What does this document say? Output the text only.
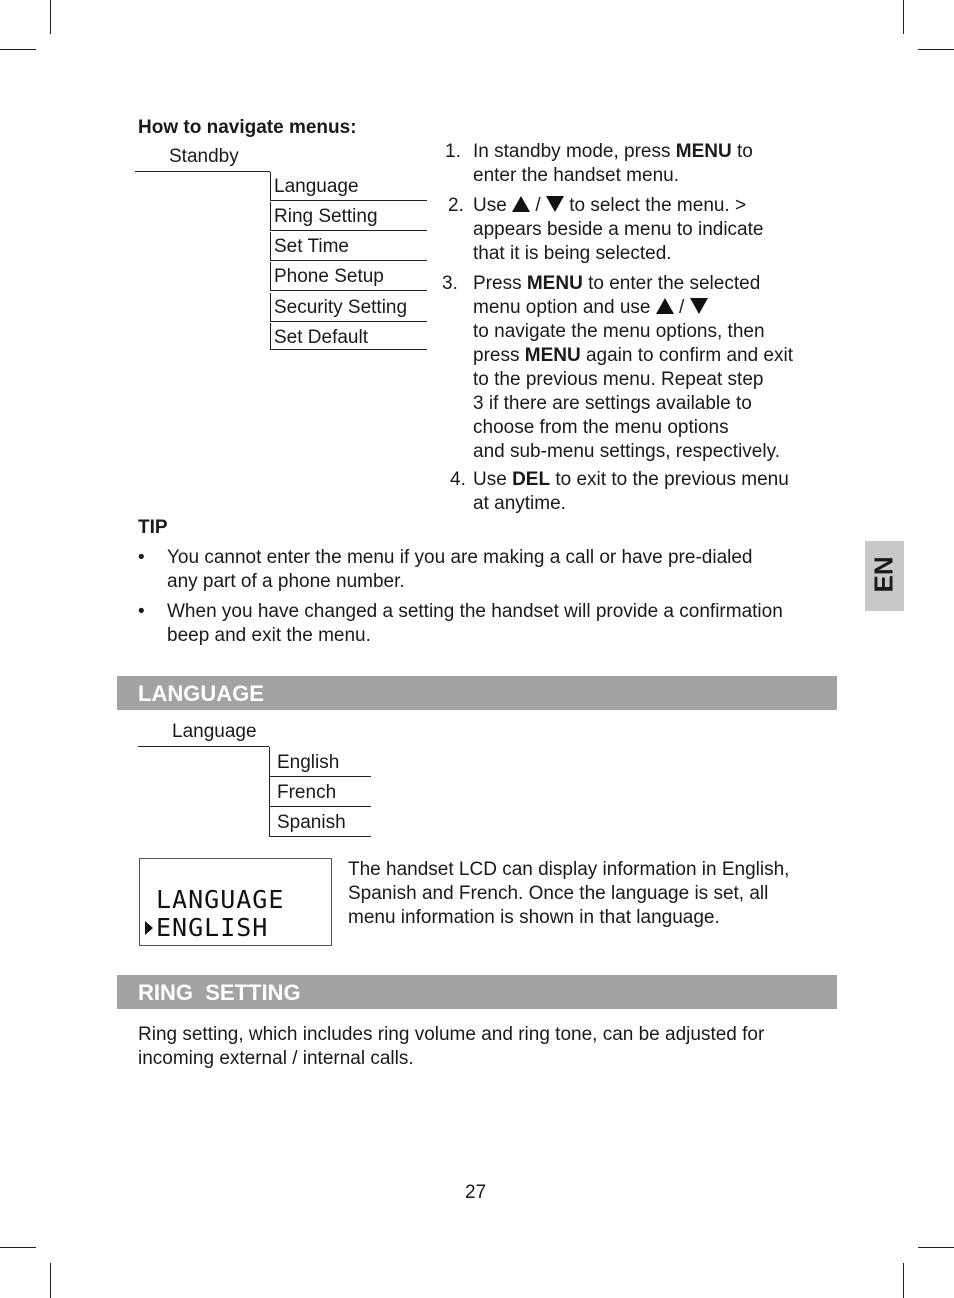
How to navigate menus:
Standby
Language
Ring Setting
Set Time
Phone Setup
Security Setting
Set Default
1. In standby mode, press MENU to
enter the handset menu.
2. Use  /  to select the menu. >
appears beside a menu to indicate
that it is being selected.
3. Press MENU to enter the selected
menu option and use  /
to navigate the menu options, then
press MENU again to confirm and exit
to the previous menu. Repeat step
3 if there are settings available to
choose from the menu options
and sub-menu settings, respectively.
4. Use DEL to exit to the previous menu
at anytime.
TIP
• You cannot enter the menu if you are making a call or have pre-dialed
any part of a phone number.
• When you have changed a setting the handset will provide a confirmation
beep and exit the menu.
LANGUAGE
Language
English
French
Spanish
LANGUAGE
ENGLISH
The handset LCD can display information in English,
Spanish and French. Once the language is set, all
menu information is shown in that language.
RING  SETTING
Ring setting, which includes ring volume and ring tone, can be adjusted for
incoming external / internal calls.
27
EN
